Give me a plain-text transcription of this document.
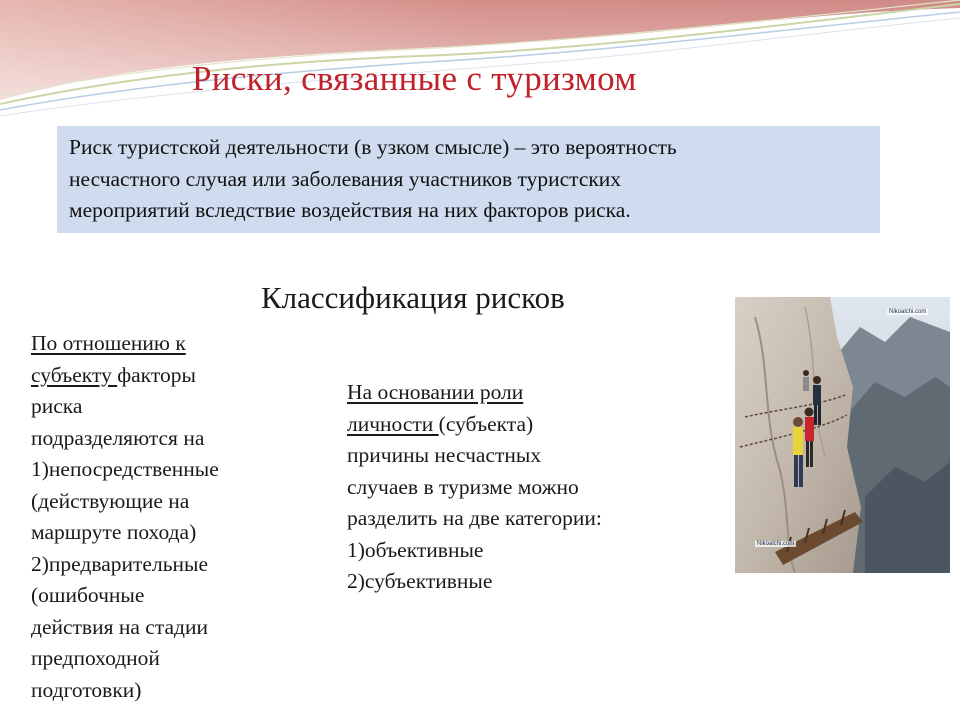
Риски, связанные с туризмом
Риск туристской деятельности (в узком смысле) – это вероятность
несчастного случая или заболевания участников туристских
мероприятий вследствие воздействия на них факторов риска.
Классификация рисков
По отношению к
субъекту факторы
риска
подразделяются на
1)непосредственные
(действующие на
маршруте похода)
2)предварительные
(ошибочные
действия на стадии
предпоходной
подготовки)
На основании роли
личности (субъекта)
причины несчастных
случаев в туризме можно
разделить на две категории:
1)объективные
2)субъективные
Nikoalchi.com
Nikoalchi.com
